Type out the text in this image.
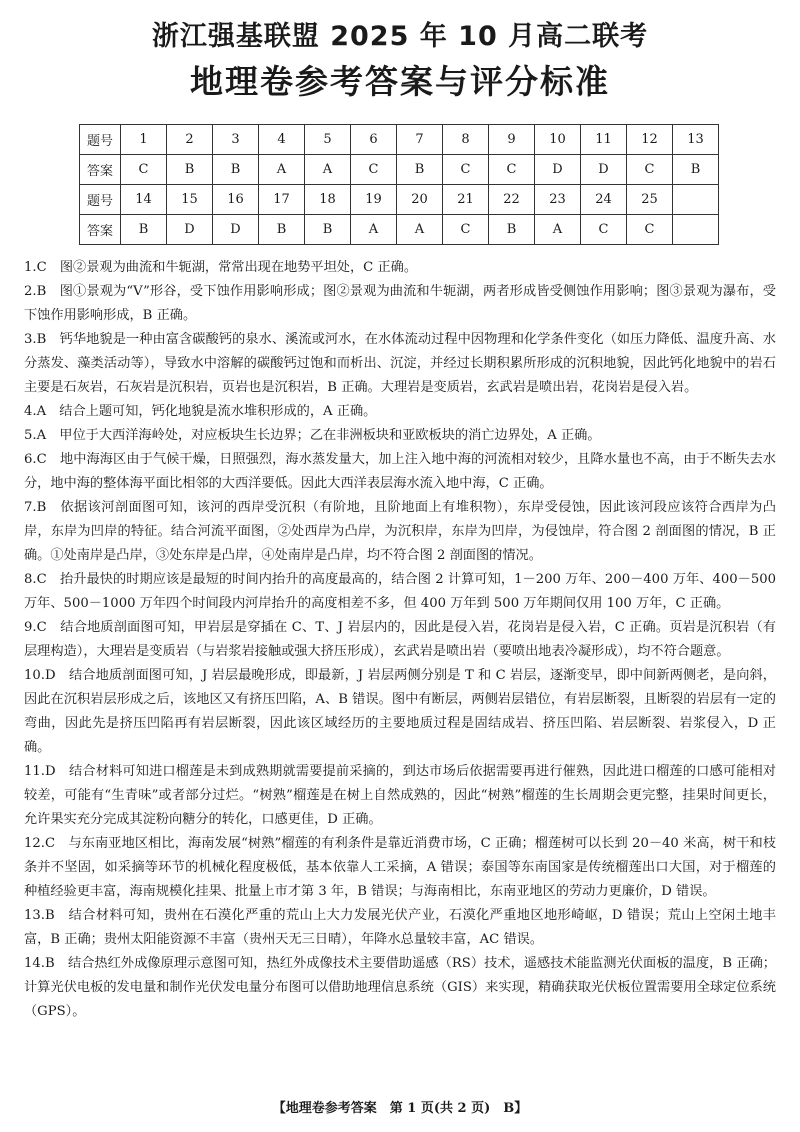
浙江强基联盟 2025 年 10 月高二联考
地理卷参考答案与评分标准
题号	1	2	3	4	5	6	7	8	9	10	11	12	13
答案	C	B	B	A	A	C	B	C	C	D	D	C	B
题号	14	15	16	17	18	19	20	21	22	23	24	25	
答案	B	D	D	B	B	A	A	C	B	A	C	C	

1.C　图②景观为曲流和牛轭湖，常常出现在地势平坦处，C 正确。

2.B　图①景观为“V”形谷，受下蚀作用影响形成；图②景观为曲流和牛轭湖，两者形成皆受侧蚀作用影响；图③景观为瀑布，受下蚀作用影响形成，B 正确。

3.B　钙华地貌是一种由富含碳酸钙的泉水、溪流或河水，在水体流动过程中因物理和化学条件变化（如压力降低、温度升高、水分蒸发、藻类活动等），导致水中溶解的碳酸钙过饱和而析出、沉淀，并经过长期积累所形成的沉积地貌，因此钙化地貌中的岩石主要是石灰岩，石灰岩是沉积岩，页岩也是沉积岩，B 正确。大理岩是变质岩，玄武岩是喷出岩，花岗岩是侵入岩。

4.A　结合上题可知，钙化地貌是流水堆积形成的，A 正确。

5.A　甲位于大西洋海岭处，对应板块生长边界；乙在非洲板块和亚欧板块的消亡边界处，A 正确。

6.C　地中海海区由于气候干燥，日照强烈，海水蒸发量大，加上注入地中海的河流相对较少，且降水量也不高，由于不断失去水分，地中海的整体海平面比相邻的大西洋要低。因此大西洋表层海水流入地中海，C 正确。

7.B　依据该河剖面图可知，该河的西岸受沉积（有阶地，且阶地面上有堆积物），东岸受侵蚀，因此该河段应该符合西岸为凸岸，东岸为凹岸的特征。结合河流平面图，②处西岸为凸岸，为沉积岸，东岸为凹岸，为侵蚀岸，符合图 2 剖面图的情况，B 正确。①处南岸是凸岸，③处东岸是凸岸，④处南岸是凸岸，均不符合图 2 剖面图的情况。

8.C　抬升最快的时期应该是最短的时间内抬升的高度最高的，结合图 2 计算可知，1－200 万年、200－400 万年、400－500 万年、500－1000 万年四个时间段内河岸抬升的高度相差不多，但 400 万年到 500 万年期间仅用 100 万年，C 正确。

9.C　结合地质剖面图可知，甲岩层是穿插在 C、T、J 岩层内的，因此是侵入岩，花岗岩是侵入岩，C 正确。页岩是沉积岩（有层理构造），大理岩是变质岩（与岩浆岩接触或强大挤压形成），玄武岩是喷出岩（要喷出地表冷凝形成），均不符合题意。

10.D　结合地质剖面图可知，J 岩层最晚形成，即最新，J 岩层两侧分别是 T 和 C 岩层，逐渐变早，即中间新两侧老，是向斜，因此在沉积岩层形成之后，该地区又有挤压凹陷，A、B 错误。图中有断层，两侧岩层错位，有岩层断裂，且断裂的岩层有一定的弯曲，因此先是挤压凹陷再有岩层断裂，因此该区域经历的主要地质过程是固结成岩、挤压凹陷、岩层断裂、岩浆侵入，D 正确。

11.D　结合材料可知进口榴莲是未到成熟期就需要提前采摘的，到达市场后依据需要再进行催熟，因此进口榴莲的口感可能相对较差，可能有“生青味”或者部分过烂。“树熟”榴莲是在树上自然成熟的，因此“树熟”榴莲的生长周期会更完整，挂果时间更长，允许果实充分完成其淀粉向糖分的转化，口感更佳，D 正确。

12.C　与东南亚地区相比，海南发展“树熟”榴莲的有利条件是靠近消费市场，C 正确；榴莲树可以长到 20－40 米高，树干和枝条并不坚固，如采摘等环节的机械化程度极低，基本依靠人工采摘，A 错误；泰国等东南国家是传统榴莲出口大国，对于榴莲的种植经验更丰富，海南规模化挂果、批量上市才第 3 年，B 错误；与海南相比，东南亚地区的劳动力更廉价，D 错误。

13.B　结合材料可知，贵州在石漠化严重的荒山上大力发展光伏产业，石漠化严重地区地形崎岖，D 错误；荒山上空闲土地丰富，B 正确；贵州太阳能资源不丰富（贵州天无三日晴），年降水总量较丰富，AC 错误。

14.B　结合热红外成像原理示意图可知，热红外成像技术主要借助遥感（RS）技术，遥感技术能监测光伏面板的温度，B 正确；计算光伏电板的发电量和制作光伏发电量分布图可以借助地理信息系统（GIS）来实现，精确获取光伏板位置需要用全球定位系统（GPS）。

【地理卷参考答案　第 1 页(共 2 页)　B】
